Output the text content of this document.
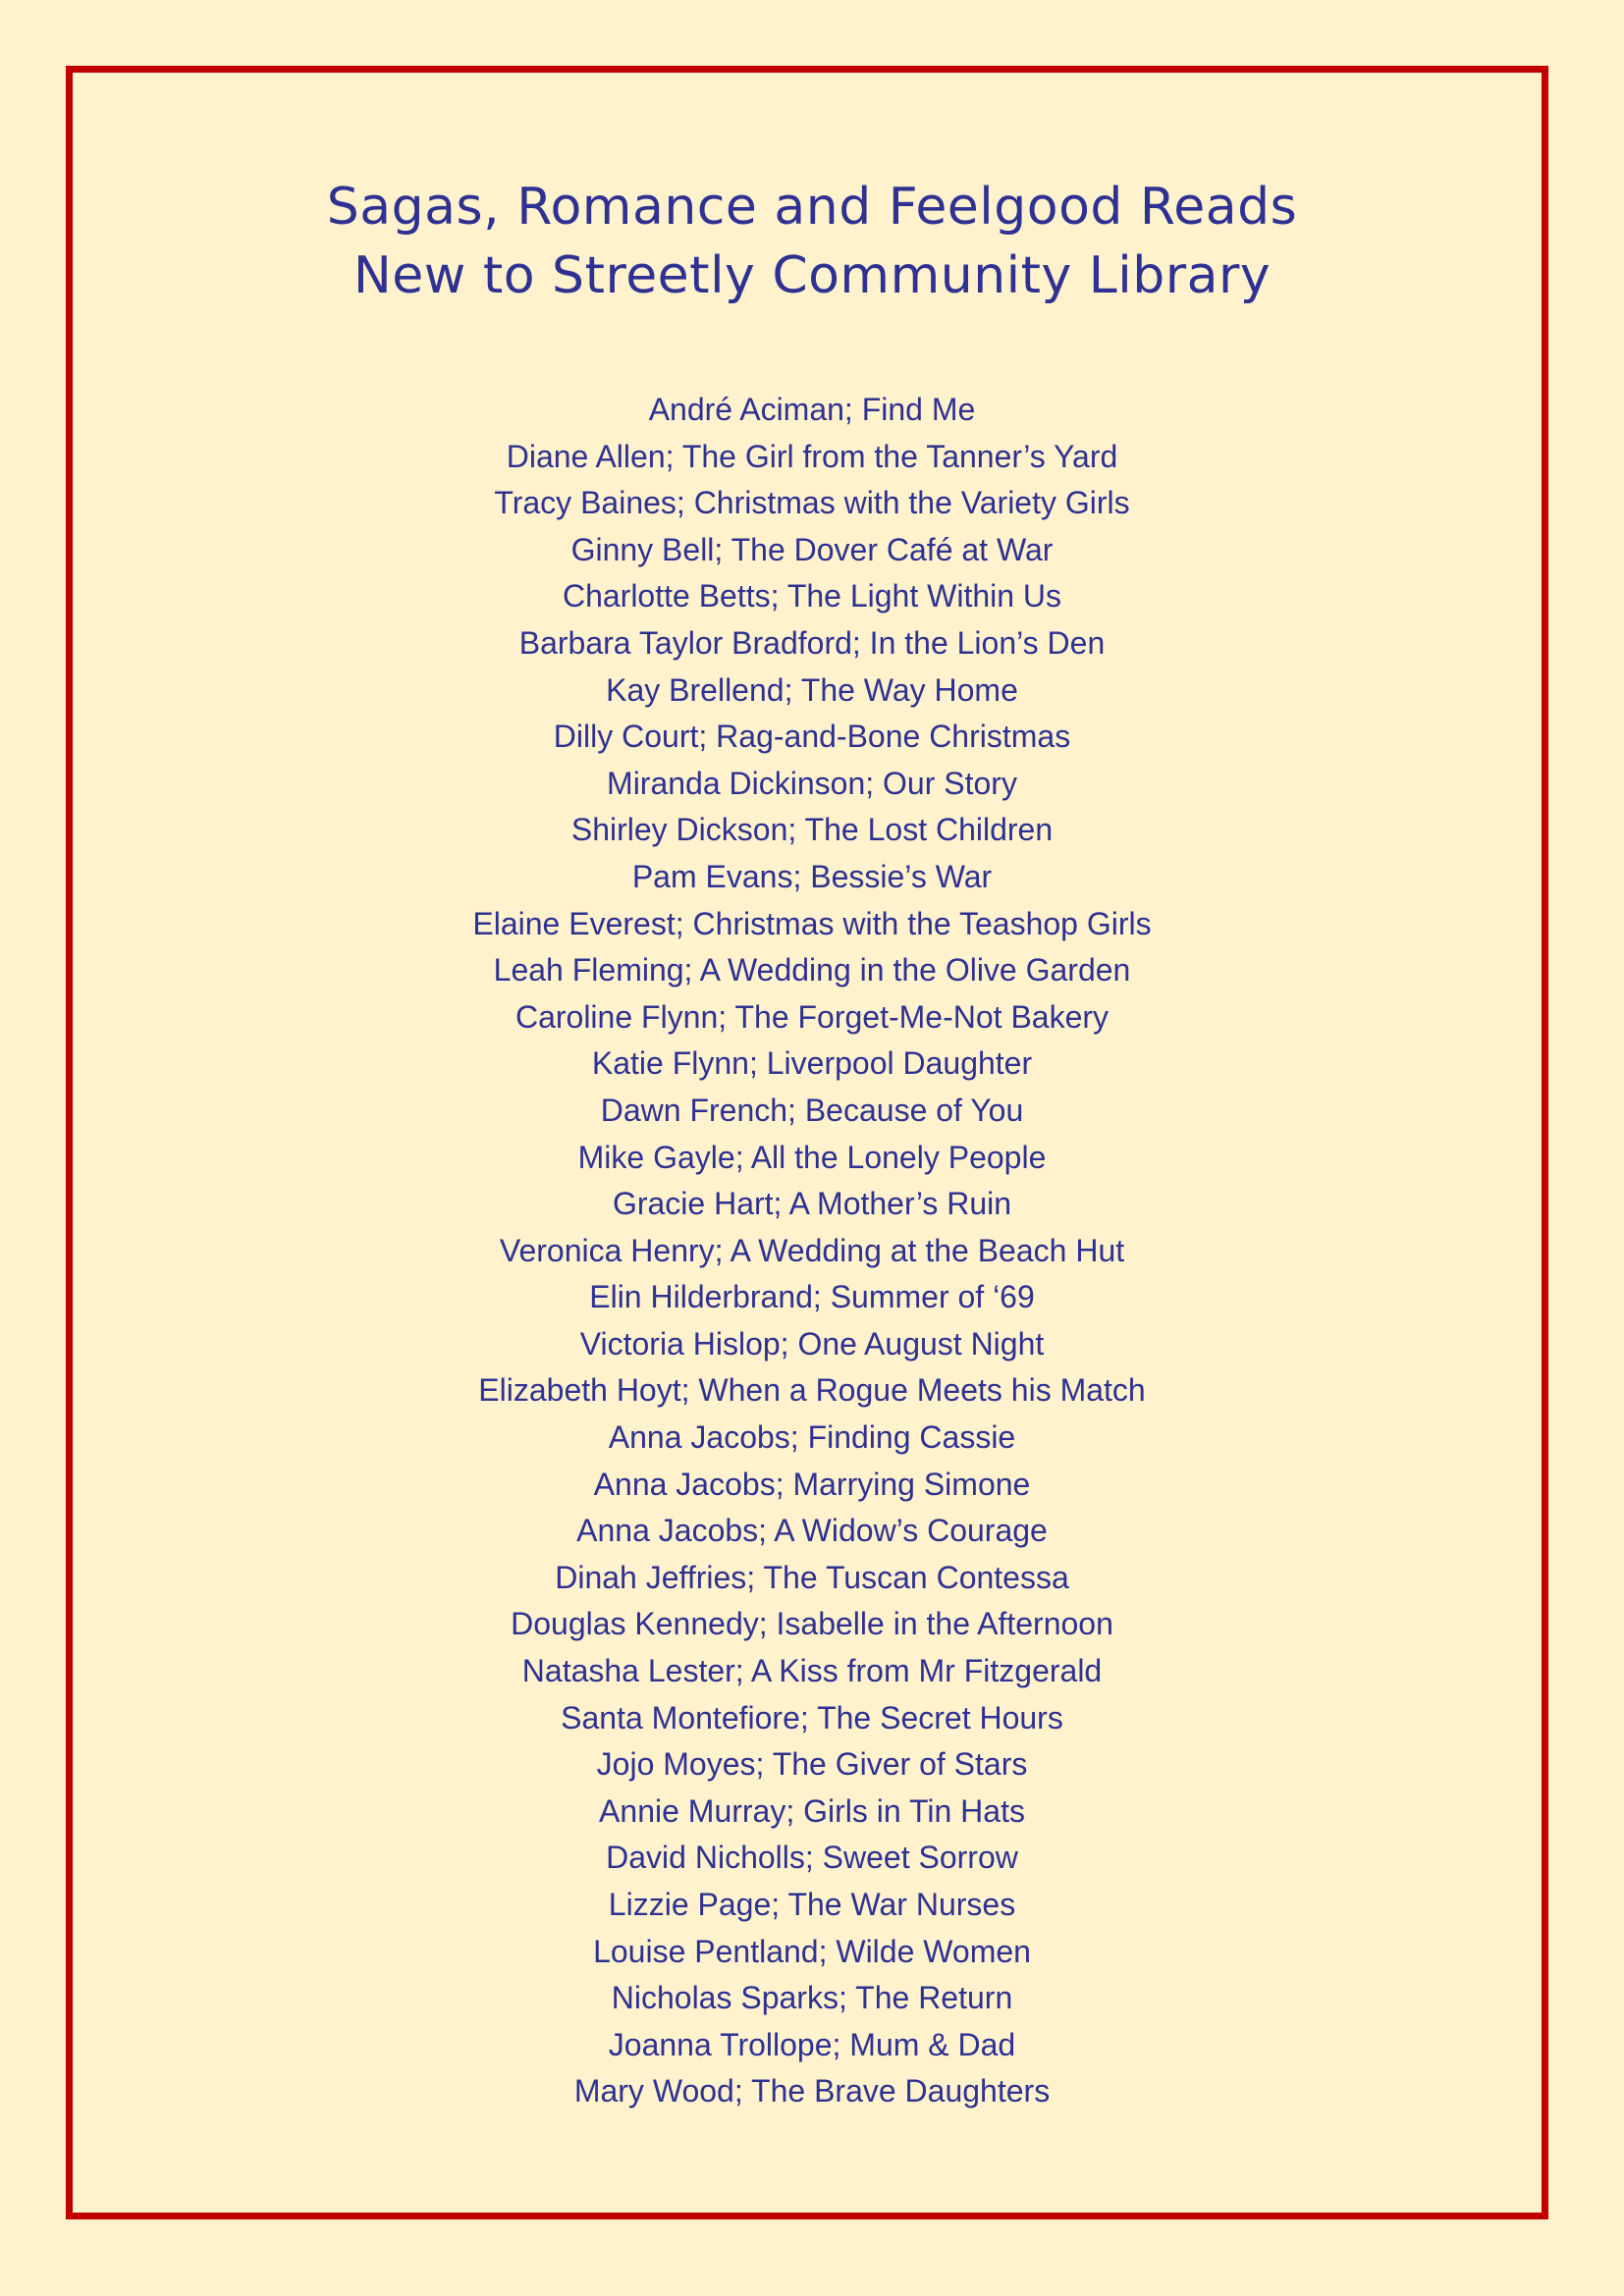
Sagas, Romance and Feelgood Reads
New to Streetly Community Library
André Aciman; Find Me
Diane Allen; The Girl from the Tanner’s Yard
Tracy Baines; Christmas with the Variety Girls
Ginny Bell; The Dover Café at War
Charlotte Betts; The Light Within Us
Barbara Taylor Bradford; In the Lion’s Den
Kay Brellend; The Way Home
Dilly Court; Rag-and-Bone Christmas
Miranda Dickinson; Our Story
Shirley Dickson; The Lost Children
Pam Evans; Bessie’s War
Elaine Everest; Christmas with the Teashop Girls
Leah Fleming; A Wedding in the Olive Garden
Caroline Flynn; The Forget-Me-Not Bakery
Katie Flynn; Liverpool Daughter
Dawn French; Because of You
Mike Gayle; All the Lonely People
Gracie Hart; A Mother’s Ruin
Veronica Henry; A Wedding at the Beach Hut
Elin Hilderbrand; Summer of ‘69
Victoria Hislop; One August Night
Elizabeth Hoyt; When a Rogue Meets his Match
Anna Jacobs; Finding Cassie
Anna Jacobs; Marrying Simone
Anna Jacobs; A Widow’s Courage
Dinah Jeffries; The Tuscan Contessa
Douglas Kennedy; Isabelle in the Afternoon
Natasha Lester; A Kiss from Mr Fitzgerald
Santa Montefiore; The Secret Hours
Jojo Moyes; The Giver of Stars
Annie Murray; Girls in Tin Hats
David Nicholls; Sweet Sorrow
Lizzie Page; The War Nurses
Louise Pentland; Wilde Women
Nicholas Sparks; The Return
Joanna Trollope; Mum & Dad
Mary Wood; The Brave Daughters
